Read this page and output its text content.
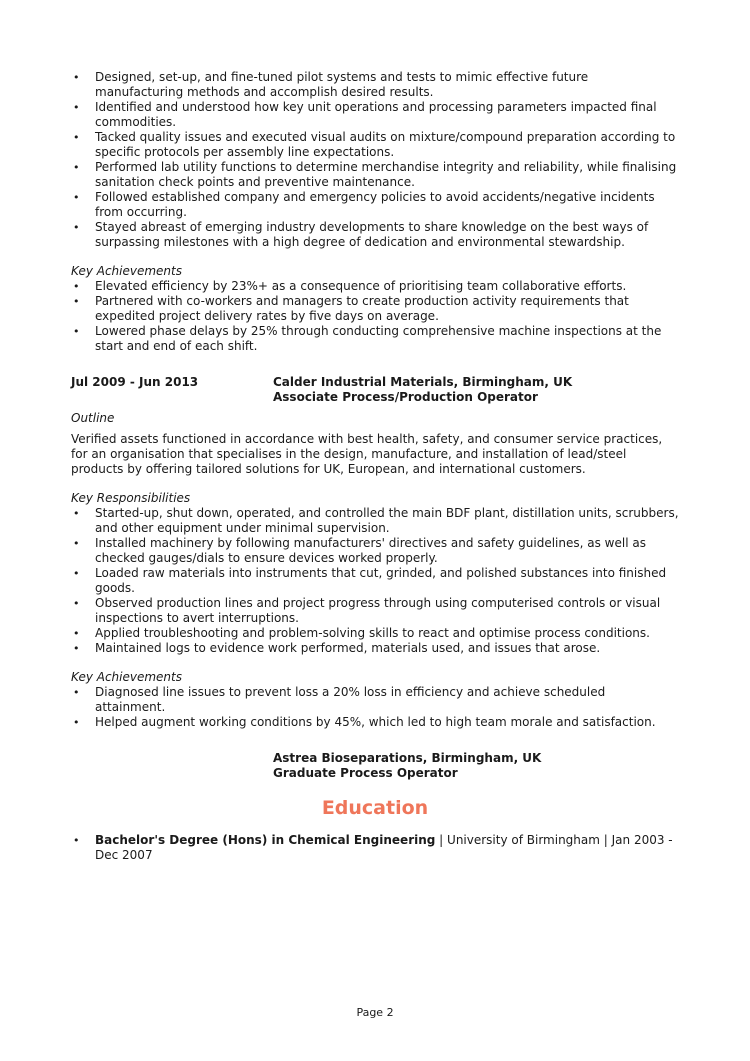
• Designed, set-up, and fine-tuned pilot systems and tests to mimic effective future manufacturing methods and accomplish desired results.
• Identified and understood how key unit operations and processing parameters impacted final commodities.
• Tacked quality issues and executed visual audits on mixture/compound preparation according to specific protocols per assembly line expectations.
• Performed lab utility functions to determine merchandise integrity and reliability, while finalising sanitation check points and preventive maintenance.
• Followed established company and emergency policies to avoid accidents/negative incidents from occurring.
• Stayed abreast of emerging industry developments to share knowledge on the best ways of surpassing milestones with a high degree of dedication and environmental stewardship.
Key Achievements
• Elevated efficiency by 23%+ as a consequence of prioritising team collaborative efforts.
• Partnered with co-workers and managers to create production activity requirements that expedited project delivery rates by five days on average.
• Lowered phase delays by 25% through conducting comprehensive machine inspections at the start and end of each shift.
Jul 2009 - Jun 2013	Calder Industrial Materials, Birmingham, UK
Associate Process/Production Operator
Outline
Verified assets functioned in accordance with best health, safety, and consumer service practices, for an organisation that specialises in the design, manufacture, and installation of lead/steel products by offering tailored solutions for UK, European, and international customers.
Key Responsibilities
• Started-up, shut down, operated, and controlled the main BDF plant, distillation units, scrubbers, and other equipment under minimal supervision.
• Installed machinery by following manufacturers' directives and safety guidelines, as well as checked gauges/dials to ensure devices worked properly.
• Loaded raw materials into instruments that cut, grinded, and polished substances into finished goods.
• Observed production lines and project progress through using computerised controls or visual inspections to avert interruptions.
• Applied troubleshooting and problem-solving skills to react and optimise process conditions.
• Maintained logs to evidence work performed, materials used, and issues that arose.
Key Achievements
• Diagnosed line issues to prevent loss a 20% loss in efficiency and achieve scheduled attainment.
• Helped augment working conditions by 45%, which led to high team morale and satisfaction.
Astrea Bioseparations, Birmingham, UK
Graduate Process Operator
Education
• Bachelor's Degree (Hons) in Chemical Engineering | University of Birmingham | Jan 2003 - Dec 2007
Page 2
